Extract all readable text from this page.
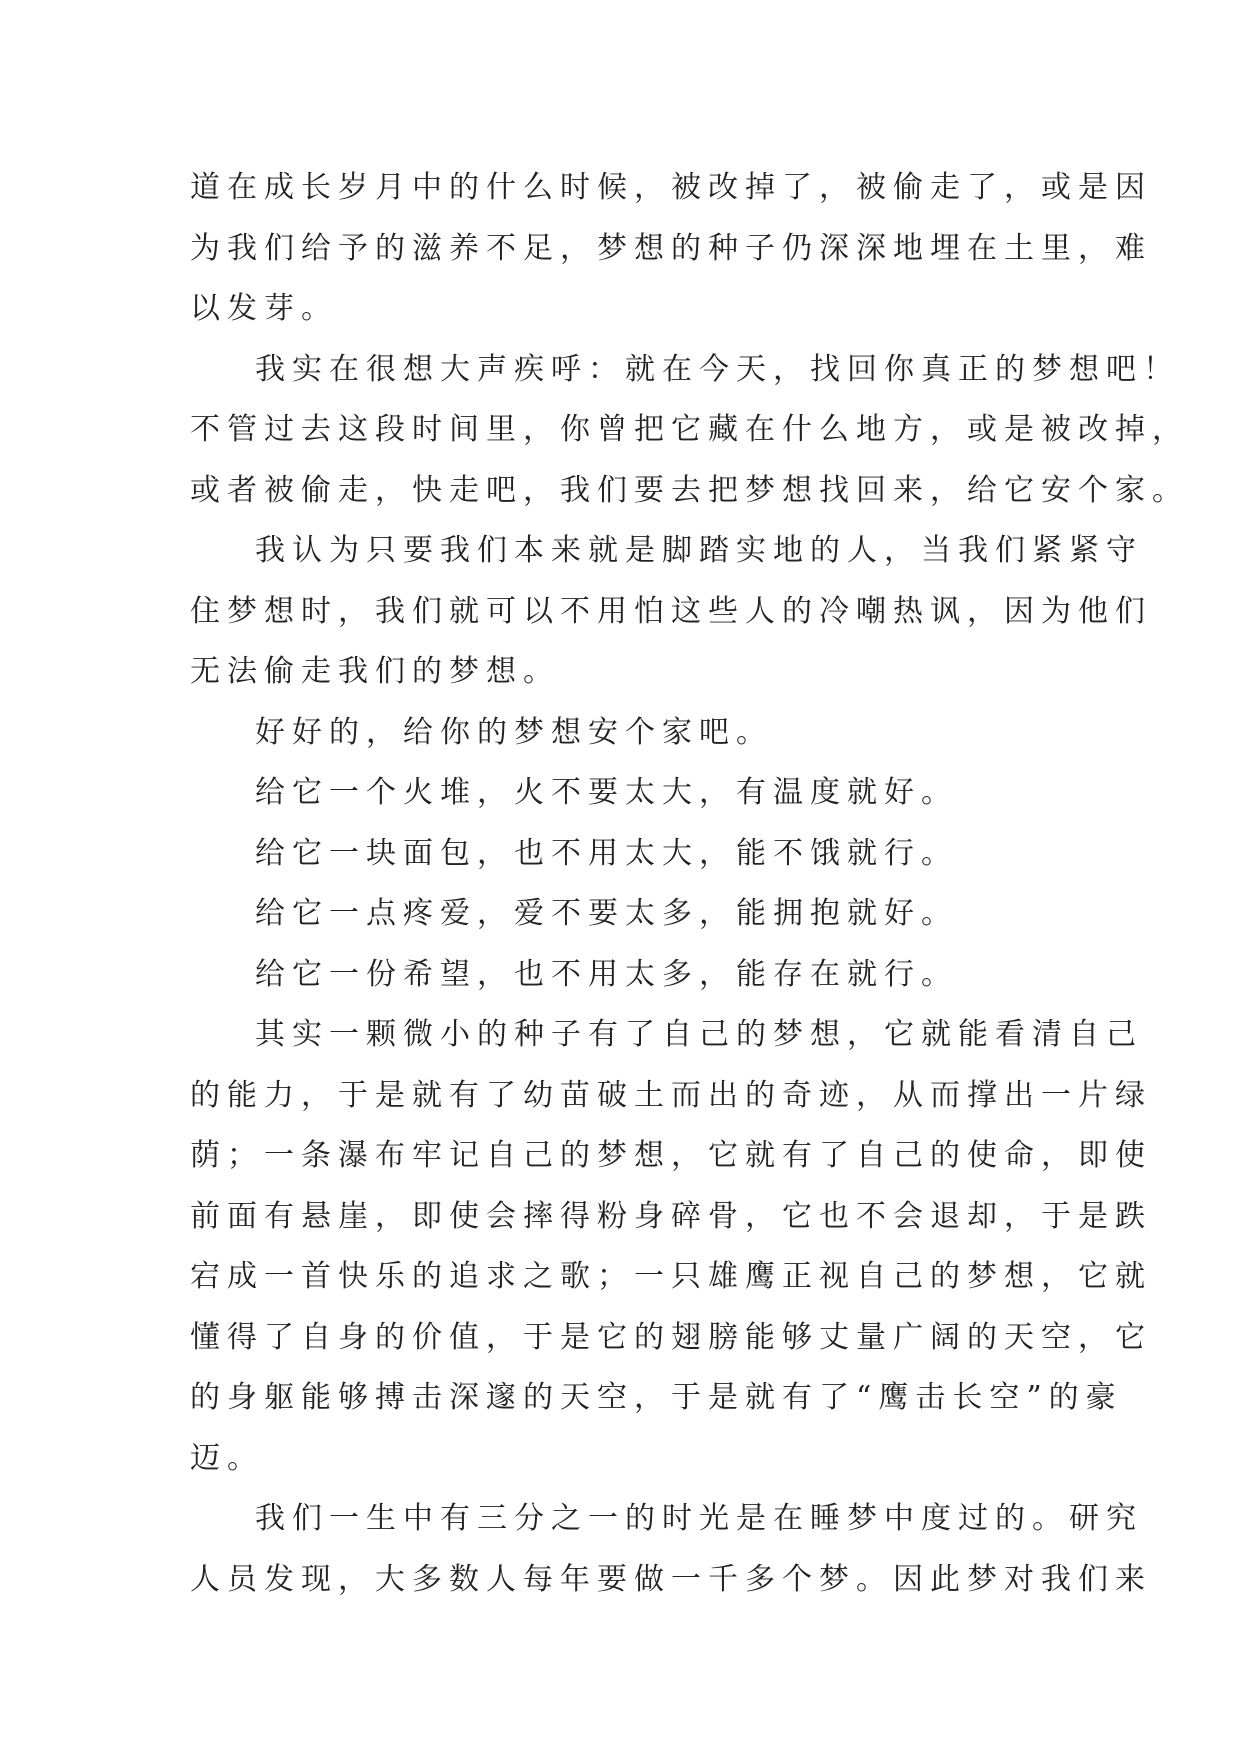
道在成长岁月中的什么时候，被改掉了，被偷走了，或是因
为我们给予的滋养不足，梦想的种子仍深深地埋在土里，难
以发芽。
我实在很想大声疾呼：就在今天，找回你真正的梦想吧！
不管过去这段时间里，你曾把它藏在什么地方，或是被改掉，
或者被偷走，快走吧，我们要去把梦想找回来，给它安个家。
我认为只要我们本来就是脚踏实地的人，当我们紧紧守
住梦想时，我们就可以不用怕这些人的冷嘲热讽，因为他们
无法偷走我们的梦想。
好好的，给你的梦想安个家吧。
给它一个火堆，火不要太大，有温度就好。
给它一块面包，也不用太大，能不饿就行。
给它一点疼爱，爱不要太多，能拥抱就好。
给它一份希望，也不用太多，能存在就行。
其实一颗微小的种子有了自己的梦想，它就能看清自己
的能力，于是就有了幼苗破土而出的奇迹，从而撑出一片绿
荫；一条瀑布牢记自己的梦想，它就有了自己的使命，即使
前面有悬崖，即使会摔得粉身碎骨，它也不会退却，于是跌
宕成一首快乐的追求之歌；一只雄鹰正视自己的梦想，它就
懂得了自身的价值，于是它的翅膀能够丈量广阔的天空，它
的身躯能够搏击深邃的天空，于是就有了“鹰击长空”的豪
迈。
我们一生中有三分之一的时光是在睡梦中度过的。研究
人员发现，大多数人每年要做一千多个梦。因此梦对我们来
